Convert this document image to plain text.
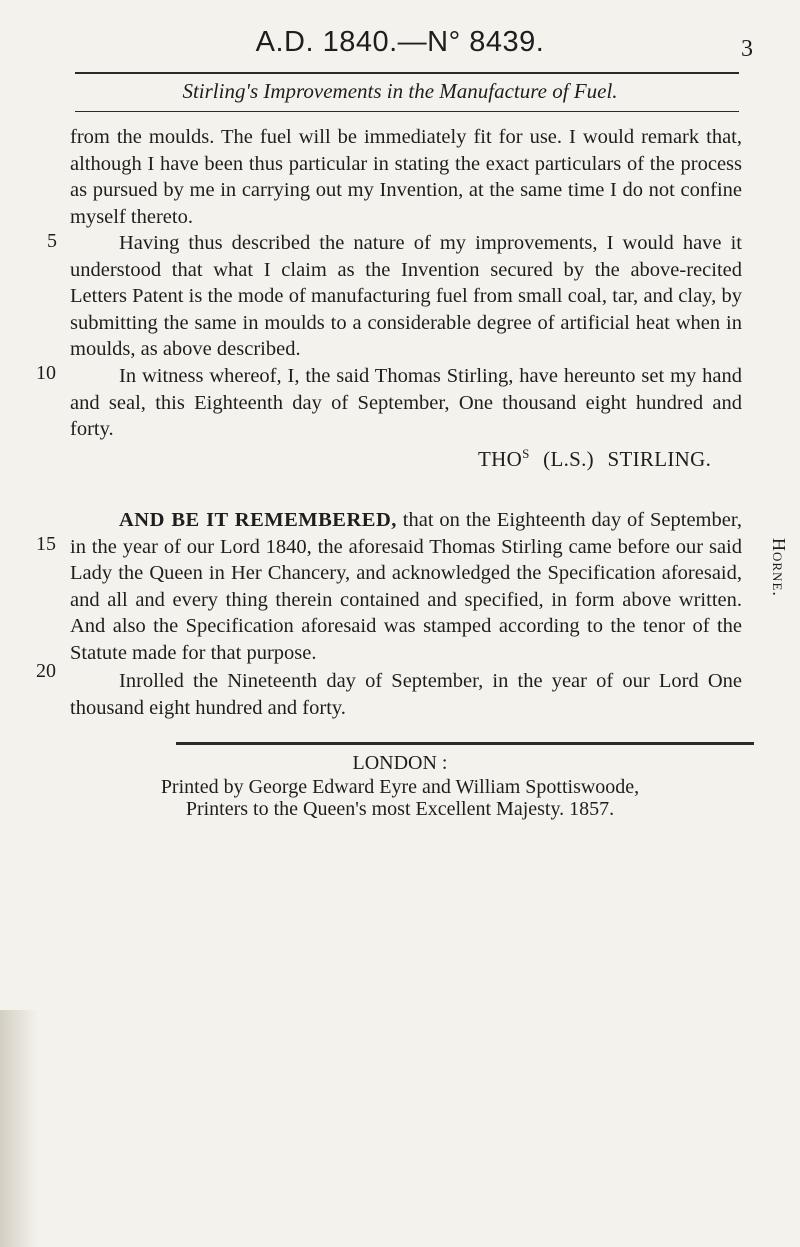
A.D. 1840.—N° 8439.	3
Stirling's Improvements in the Manufacture of Fuel.

from the moulds. The fuel will be immediately fit for use. I would remark that, although I have been thus particular in stating the exact particulars of the process as pursued by me in carrying out my Invention, at the same time I do not confine myself thereto.

Having thus described the nature of my improvements, I would have it understood that what I claim as the Invention secured by the above-recited Letters Patent is the mode of manufacturing fuel from small coal, tar, and clay, by submitting the same in moulds to a considerable degree of artificial heat when in moulds, as above described.

In witness whereof, I, the said Thomas Stirling, have hereunto set my hand and seal, this Eighteenth day of September, One thousand eight hundred and forty.

$THO^S$ (L.S.) STIRLING.

AND BE IT REMEMBERED, that on the Eighteenth day of September, in the year of our Lord 1840, the aforesaid Thomas Stirling came before our said Lady the Queen in Her Chancery, and acknowledged the Specification aforesaid, and all and every thing therein contained and specified, in form above written. And also the Specification aforesaid was stamped according to the tenor of the Statute made for that purpose.

Inrolled the Nineteenth day of September, in the year of our Lord One thousand eight hundred and forty.

5
10
15
20

LONDON :

Printed by George Edward Eyre and William Spottiswoode,

Printers to the Queen's most Excellent Majesty. 1857.

Horne.
